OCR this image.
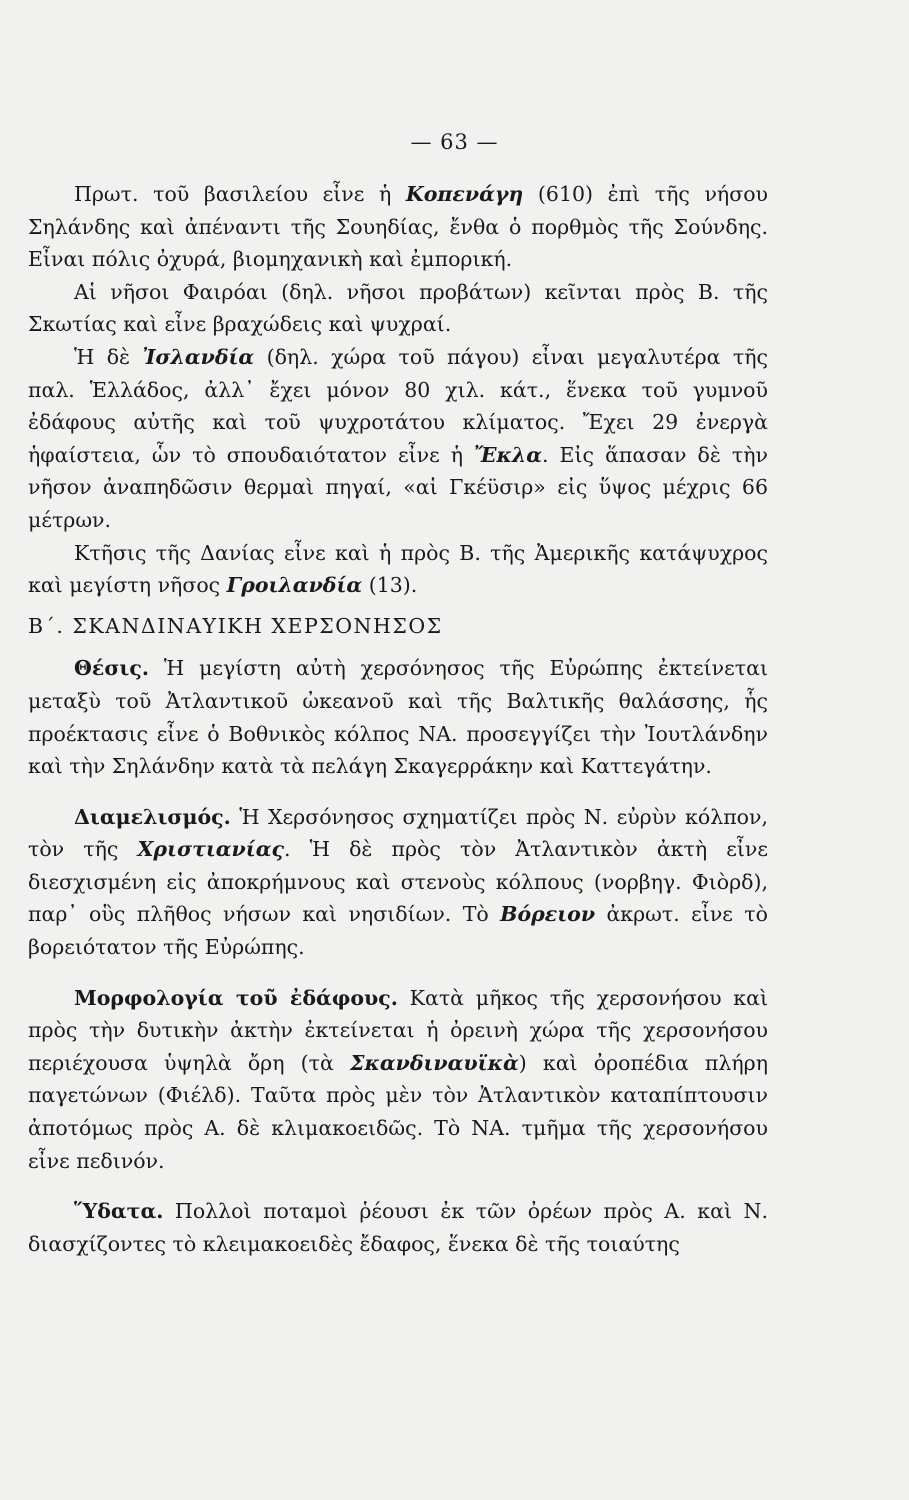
— 63 —

Πρωτ. τοῦ βασιλείου εἶνε ἡ Κοπενάγη (610) ἐπὶ τῆς νήσου Σηλάνδης καὶ ἀπέναντι τῆς Σουηδίας, ἔνθα ὁ πορθμὸς τῆς Σούνδης. Εἶναι πόλις ὀχυρά, βιομηχανικὴ καὶ ἐμπορική.

Αἱ νῆσοι Φαιρόαι (δηλ. νῆσοι προβάτων) κεῖνται πρὸς Β. τῆς Σκωτίας καὶ εἶνε βραχώδεις καὶ ψυχραί.

Ἡ δὲ Ἰσλανδία (δηλ. χώρα τοῦ πάγου) εἶναι μεγαλυτέρα τῆς παλ. Ἑλλάδος, ἀλλ᾽ ἔχει μόνον 80 χιλ. κάτ., ἕνεκα τοῦ γυμνοῦ ἐδάφους αὐτῆς καὶ τοῦ ψυχροτάτου κλίματος. Ἔχει 29 ἐνεργὰ ἡφαίστεια, ὧν τὸ σπουδαιότατον εἶνε ἡ Ἔκλα. Εἰς ἅπασαν δὲ τὴν νῆσον ἀναπηδῶσιν θερμαὶ πηγαί, «αἱ Γκέϋσιρ» εἰς ὕψος μέχρις 66 μέτρων.

Κτῆσις τῆς Δανίας εἶνε καὶ ἡ πρὸς Β. τῆς Ἀμερικῆς κατάψυχρος καὶ μεγίστη νῆσος Γροιλανδία (13).

Β΄. ΣΚΑΝΔΙΝΑΥΙΚΗ ΧΕΡΣΟΝΗΣΟΣ

Θέσις. Ἡ μεγίστη αὐτὴ χερσόνησος τῆς Εὐρώπης ἐκτείνεται μεταξὺ τοῦ Ἀτλαντικοῦ ὠκεανοῦ καὶ τῆς Βαλτικῆς θαλάσσης, ἧς προέκτασις εἶνε ὁ Βοθνικὸς κόλπος ΝΑ. προσεγγίζει τὴν Ἰουτλάνδην καὶ τὴν Σηλάνδην κατὰ τὰ πελάγη Σκαγερράκην καὶ Καττεγάτην.

Διαμελισμός. Ἡ Χερσόνησος σχηματίζει πρὸς Ν. εὐρὺν κόλπον, τὸν τῆς Χριστιανίας. Ἡ δὲ πρὸς τὸν Ἀτλαντικὸν ἀκτὴ εἶνε διεσχισμένη εἰς ἀποκρήμνους καὶ στενοὺς κόλπους (νορβηγ. Φιὸρδ), παρ᾽ οὓς πλῆθος νήσων καὶ νησιδίων. Τὸ Βόρειον ἀκρωτ. εἶνε τὸ βορειότατον τῆς Εὐρώπης.

Μορφολογία τοῦ ἐδάφους. Κατὰ μῆκος τῆς χερσονήσου καὶ πρὸς τὴν δυτικὴν ἀκτὴν ἐκτείνεται ἡ ὀρεινὴ χώρα τῆς χερσονήσου περιέχουσα ὑψηλὰ ὄρη (τὰ Σκανδιναυϊκὰ) καὶ ὀροπέδια πλήρη παγετώνων (Φιέλδ). Ταῦτα πρὸς μὲν τὸν Ἀτλαντικὸν καταπίπτουσιν ἀποτόμως πρὸς Α. δὲ κλιμακοειδῶς. Τὸ ΝΑ. τμῆμα τῆς χερσονήσου εἶνε πεδινόν.

Ὕδατα. Πολλοὶ ποταμοὶ ῥέουσι ἐκ τῶν ὀρέων πρὸς Α. καὶ Ν. διασχίζοντες τὸ κλειμακοειδὲς ἔδαφος, ἕνεκα δὲ τῆς τοιαύτης
